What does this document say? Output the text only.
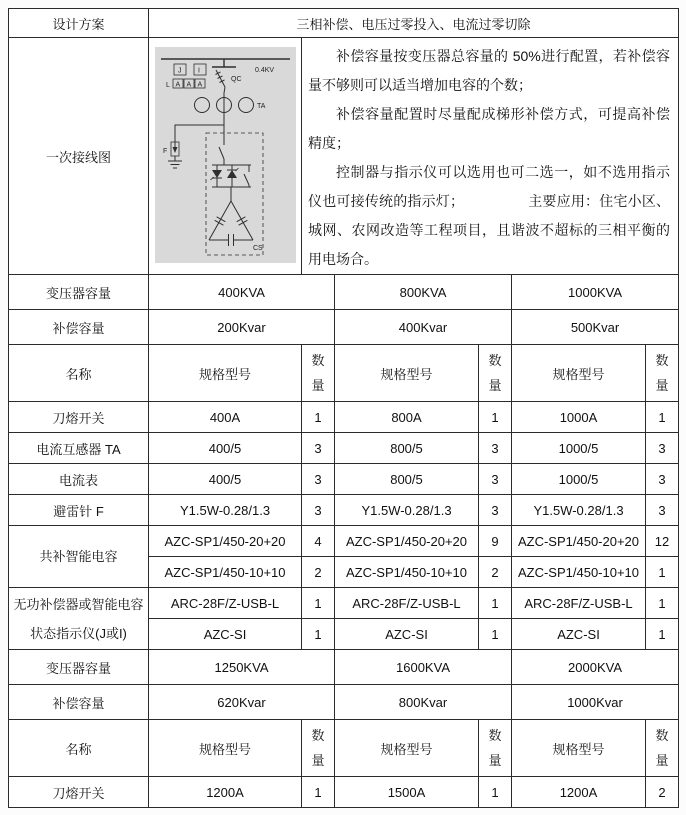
设计方案	三相补偿、电压过零投入、电流过零切除					
一次接线图	
0.4KV
QC
J I
L A A A
TA
F
CS

补偿容量按变压器总容量的 50%进行配置，若补偿容量不够则可以适当增加电容的个数；

补偿容量配置时尽量配成梯形补偿方式，可提高补偿精度；

控制器与指示仪可以选用也可二选一，如不选用指示仪也可接传统的指示灯；　　　　　主要应用：住宅小区、城网、农网改造等工程项目，且谐波不超标的三相平衡的用电场合。

变压器容量	400KVA		800KVA		1000KVA	
补偿容量	200Kvar		400Kvar		500Kvar	
名称	规格型号	数量	规格型号	数量	规格型号	数量
刀熔开关	400A	1	800A	1	1000A	1
电流互感器 TA	400/5	3	800/5	3	1000/5	3
电流表	400/5	3	800/5	3	1000/5	3
避雷针 F	Y1.5W-0.28/1.3	3	Y1.5W-0.28/1.3	3	Y1.5W-0.28/1.3	3
共补智能电容	AZC-SP1/450-20+20	4	AZC-SP1/450-20+20	9	AZC-SP1/450-20+20	12
	AZC-SP1/450-10+10	2	AZC-SP1/450-10+10	2	AZC-SP1/450-10+10	1
无功补偿器或智能电容状态指示仪(J或I)	ARC-28F/Z-USB-L	1	ARC-28F/Z-USB-L	1	ARC-28F/Z-USB-L	1
	AZC-SI	1	AZC-SI	1	AZC-SI	1
变压器容量	1250KVA		1600KVA		2000KVA	
补偿容量	620Kvar		800Kvar		1000Kvar	
名称	规格型号	数量	规格型号	数量	规格型号	数量
刀熔开关	1200A	1	1500A	1	1200A	2
